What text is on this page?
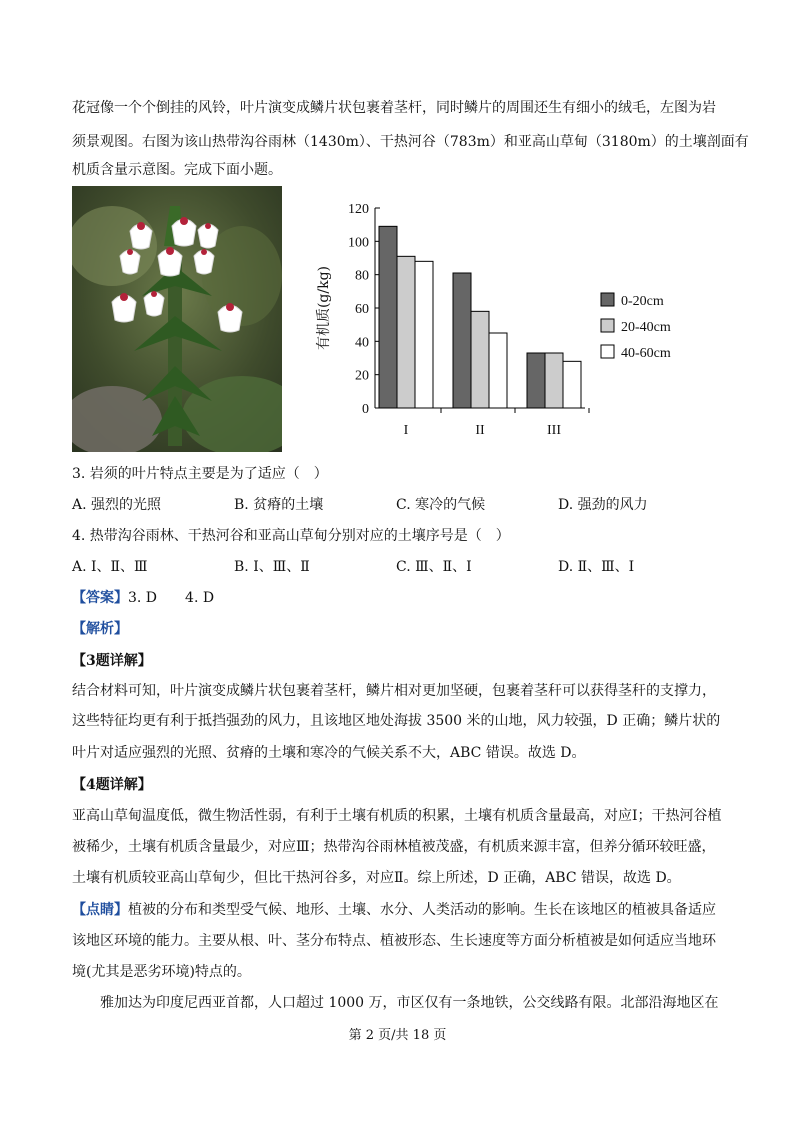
花冠像一个个倒挂的风铃，叶片演变成鳞片状包裹着茎杆，同时鳞片的周围还生有细小的绒毛，左图为岩
须景观图。右图为该山热带沟谷雨林（1430m）、干热河谷（783m）和亚高山草甸（3180m）的土壤剖面有
机质含量示意图。完成下面小题。
0
20
40
60
80
100
120
有机质(g/kg)
I	II	III
0-20cm
20-40cm
40-60cm
3. 岩须的叶片特点主要是为了适应（　）
A. 强烈的光照	B. 贫瘠的土壤	C. 寒冷的气候	D. 强劲的风力
4. 热带沟谷雨林、干热河谷和亚高山草甸分别对应的土壤序号是（　）
A. Ⅰ、Ⅱ、Ⅲ	B. Ⅰ、Ⅲ、Ⅱ	C. Ⅲ、Ⅱ、Ⅰ	D. Ⅱ、Ⅲ、Ⅰ
【答案】3. D　　4. D
【解析】
【3题详解】
结合材料可知，叶片演变成鳞片状包裹着茎杆，鳞片相对更加坚硬，包裹着茎秆可以获得茎秆的支撑力，
这些特征均更有利于抵挡强劲的风力，且该地区地处海拔 3500 米的山地，风力较强，D 正确；鳞片状的
叶片对适应强烈的光照、贫瘠的土壤和寒冷的气候关系不大，ABC 错误。故选 D。
【4题详解】
亚高山草甸温度低，微生物活性弱，有利于土壤有机质的积累，土壤有机质含量最高，对应Ⅰ；干热河谷植
被稀少，土壤有机质含量最少，对应Ⅲ；热带沟谷雨林植被茂盛，有机质来源丰富，但养分循环较旺盛，
土壤有机质较亚高山草甸少，但比干热河谷多，对应Ⅱ。综上所述，D 正确，ABC 错误，故选 D。
【点睛】植被的分布和类型受气候、地形、土壤、水分、人类活动的影响。生长在该地区的植被具备适应
该地区环境的能力。主要从根、叶、茎分布特点、植被形态、生长速度等方面分析植被是如何适应当地环
境(尤其是恶劣环境)特点的。
雅加达为印度尼西亚首都，人口超过 1000 万，市区仅有一条地铁，公交线路有限。北部沿海地区在
第 2 页/共 18 页
